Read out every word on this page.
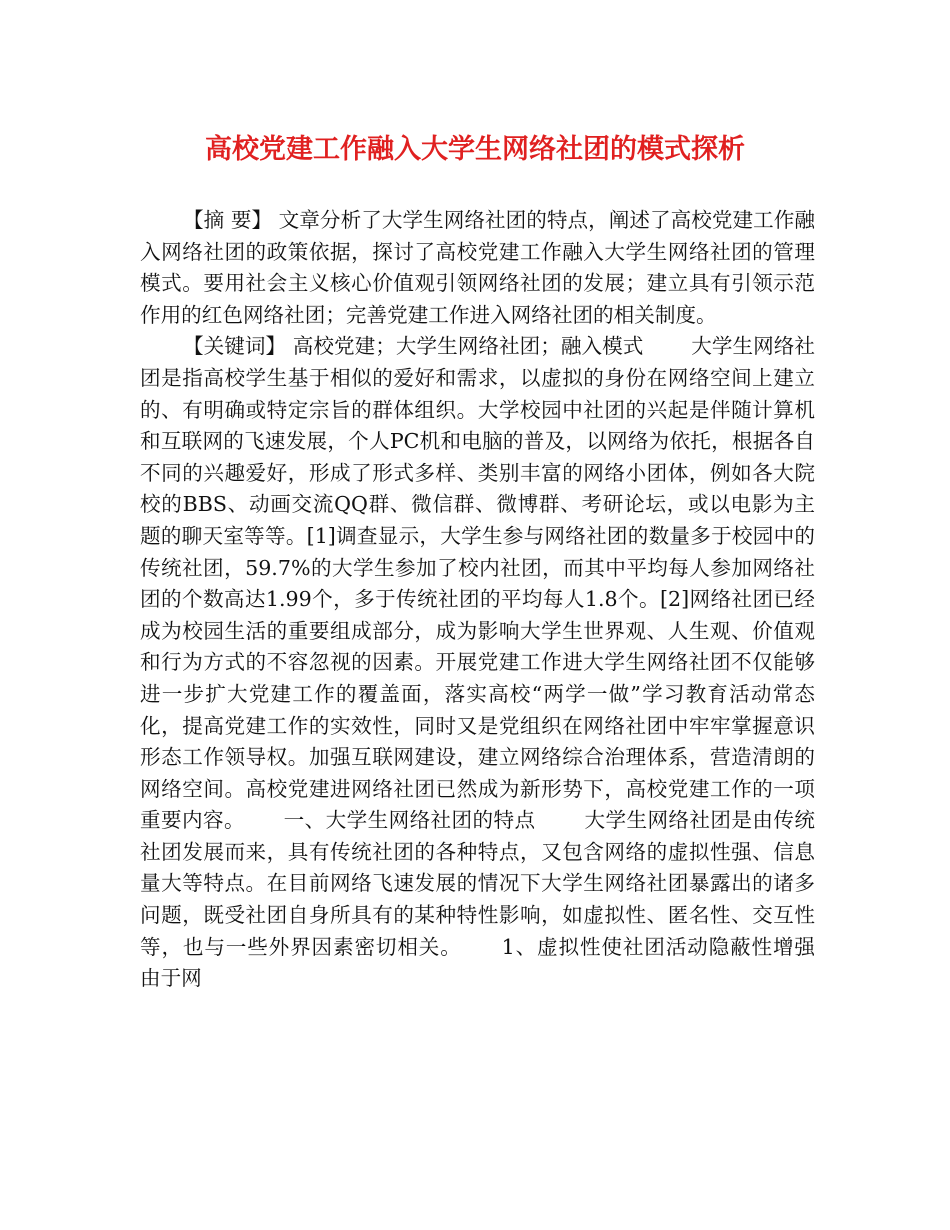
高校党建工作融入大学生网络社团的模式探析

【摘 要】 文章分析了大学生网络社团的特点，阐述了高校党建工作融入网络社团的政策依据，探讨了高校党建工作融入大学生网络社团的管理模式。要用社会主义核心价值观引领网络社团的发展；建立具有引领示范作用的红色网络社团；完善党建工作进入网络社团的相关制度。

【关键词】 高校党建；大学生网络社团；融入模式　　 大学生网络社团是指高校学生基于相似的爱好和需求，以虚拟的身份在网络空间上建立的、有明确或特定宗旨的群体组织。大学校园中社团的兴起是伴随计算机和互联网的飞速发展，个人PC机和电脑的普及，以网络为依托，根据各自不同的兴趣爱好，形成了形式多样、类别丰富的网络小团体，例如各大院校的BBS、动画交流QQ群、微信群、微博群、考研论坛，或以电影为主题的聊天室等等。[1]调查显示，大学生参与网络社团的数量多于校园中的传统社团，59.7%的大学生参加了校内社团，而其中平均每人参加网络社团的个数高达1.99个，多于传统社团的平均每人1.8个。[2]网络社团已经成为校园生活的重要组成部分，成为影响大学生世界观、人生观、价值观和行为方式的不容忽视的因素。开展党建工作进大学生网络社团不仅能够进一步扩大党建工作的覆盖面，落实高校“两学一做”学习教育活动常态化，提高党建工作的实效性，同时又是党组织在网络社团中牢牢掌握意识形态工作领导权。加强互联网建设，建立网络综合治理体系，营造清朗的网络空间。高校党建进网络社团已然成为新形势下，高校党建工作的一项重要内容。　　 一、大学生网络社团的特点　　 大学生网络社团是由传统社团发展而来，具有传统社团的各种特点，又包含网络的虚拟性强、信息量大等特点。在目前网络飞速发展的情况下大学生网络社团暴露出的诸多问题，既受社团自身所具有的某种特性影响，如虚拟性、匿名性、交互性等，也与一些外界因素密切相关。　　 1、虚拟性使社团活动隐蔽性增强　　 由于网
